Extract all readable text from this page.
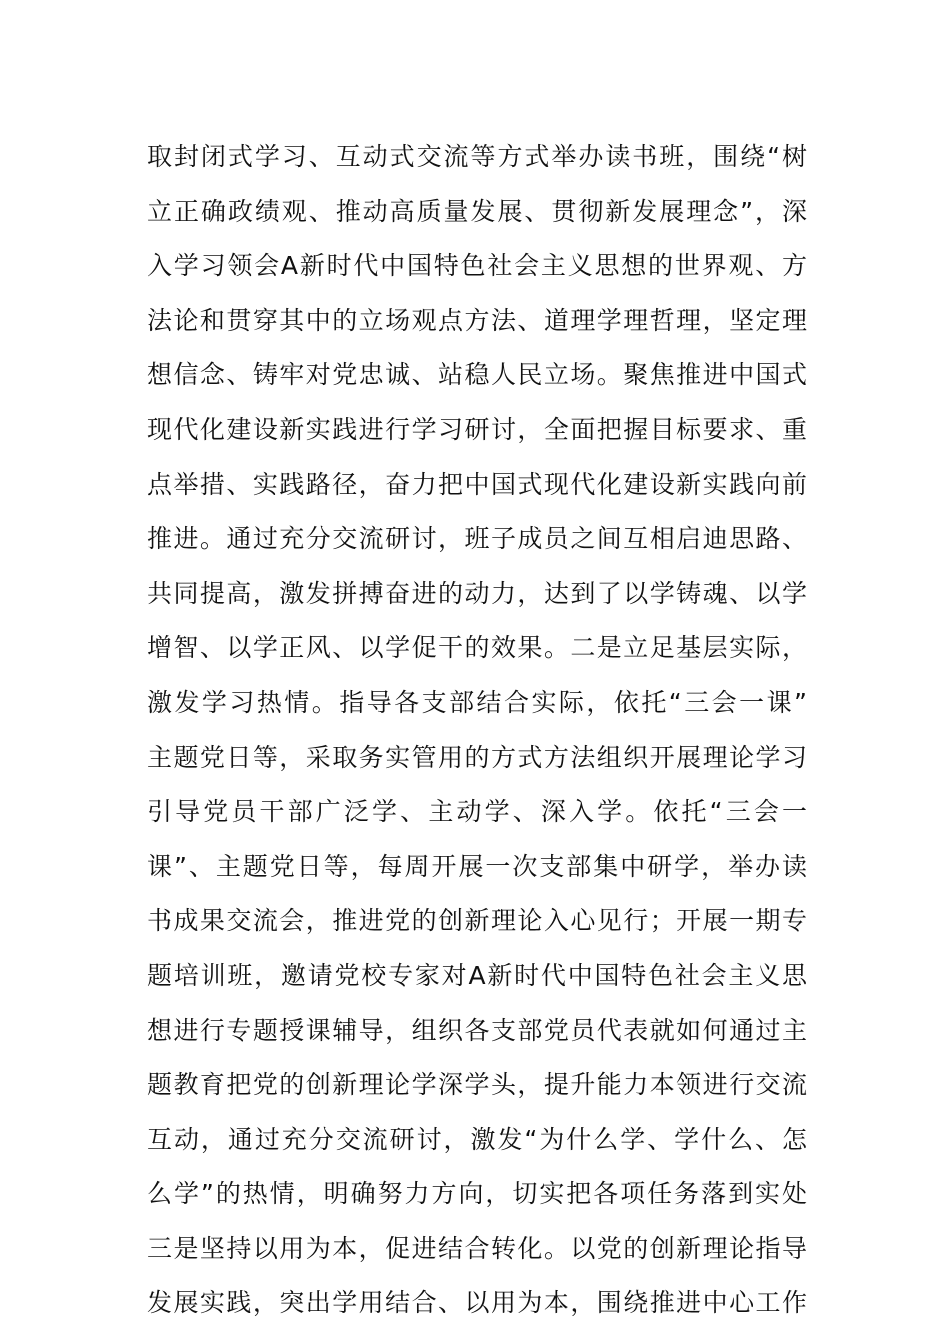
取封闭式学习、互动式交流等方式举办读书班，围绕“树
立正确政绩观、推动高质量发展、贯彻新发展理念”，深
入学习领会A新时代中国特色社会主义思想的世界观、方
法论和贯穿其中的立场观点方法、道理学理哲理，坚定理
想信念、铸牢对党忠诚、站稳人民立场。聚焦推进中国式
现代化建设新实践进行学习研讨，全面把握目标要求、重
点举措、实践路径，奋力把中国式现代化建设新实践向前
推进。通过充分交流研讨，班子成员之间互相启迪思路、
共同提高，激发拼搏奋进的动力，达到了以学铸魂、以学
增智、以学正风、以学促干的效果。二是立足基层实际，
激发学习热情。指导各支部结合实际，依托“三会一课”
主题党日等，采取务实管用的方式方法组织开展理论学习
引导党员干部广泛学、主动学、深入学。依托“三会一
课”、主题党日等，每周开展一次支部集中研学，举办读
书成果交流会，推进党的创新理论入心见行；开展一期专
题培训班，邀请党校专家对A新时代中国特色社会主义思
想进行专题授课辅导，组织各支部党员代表就如何通过主
题教育把党的创新理论学深学头，提升能力本领进行交流
互动，通过充分交流研讨，激发“为什么学、学什么、怎
么学”的热情，明确努力方向，切实把各项任务落到实处
三是坚持以用为本，促进结合转化。以党的创新理论指导
发展实践，突出学用结合、以用为本，围绕推进中心工作
